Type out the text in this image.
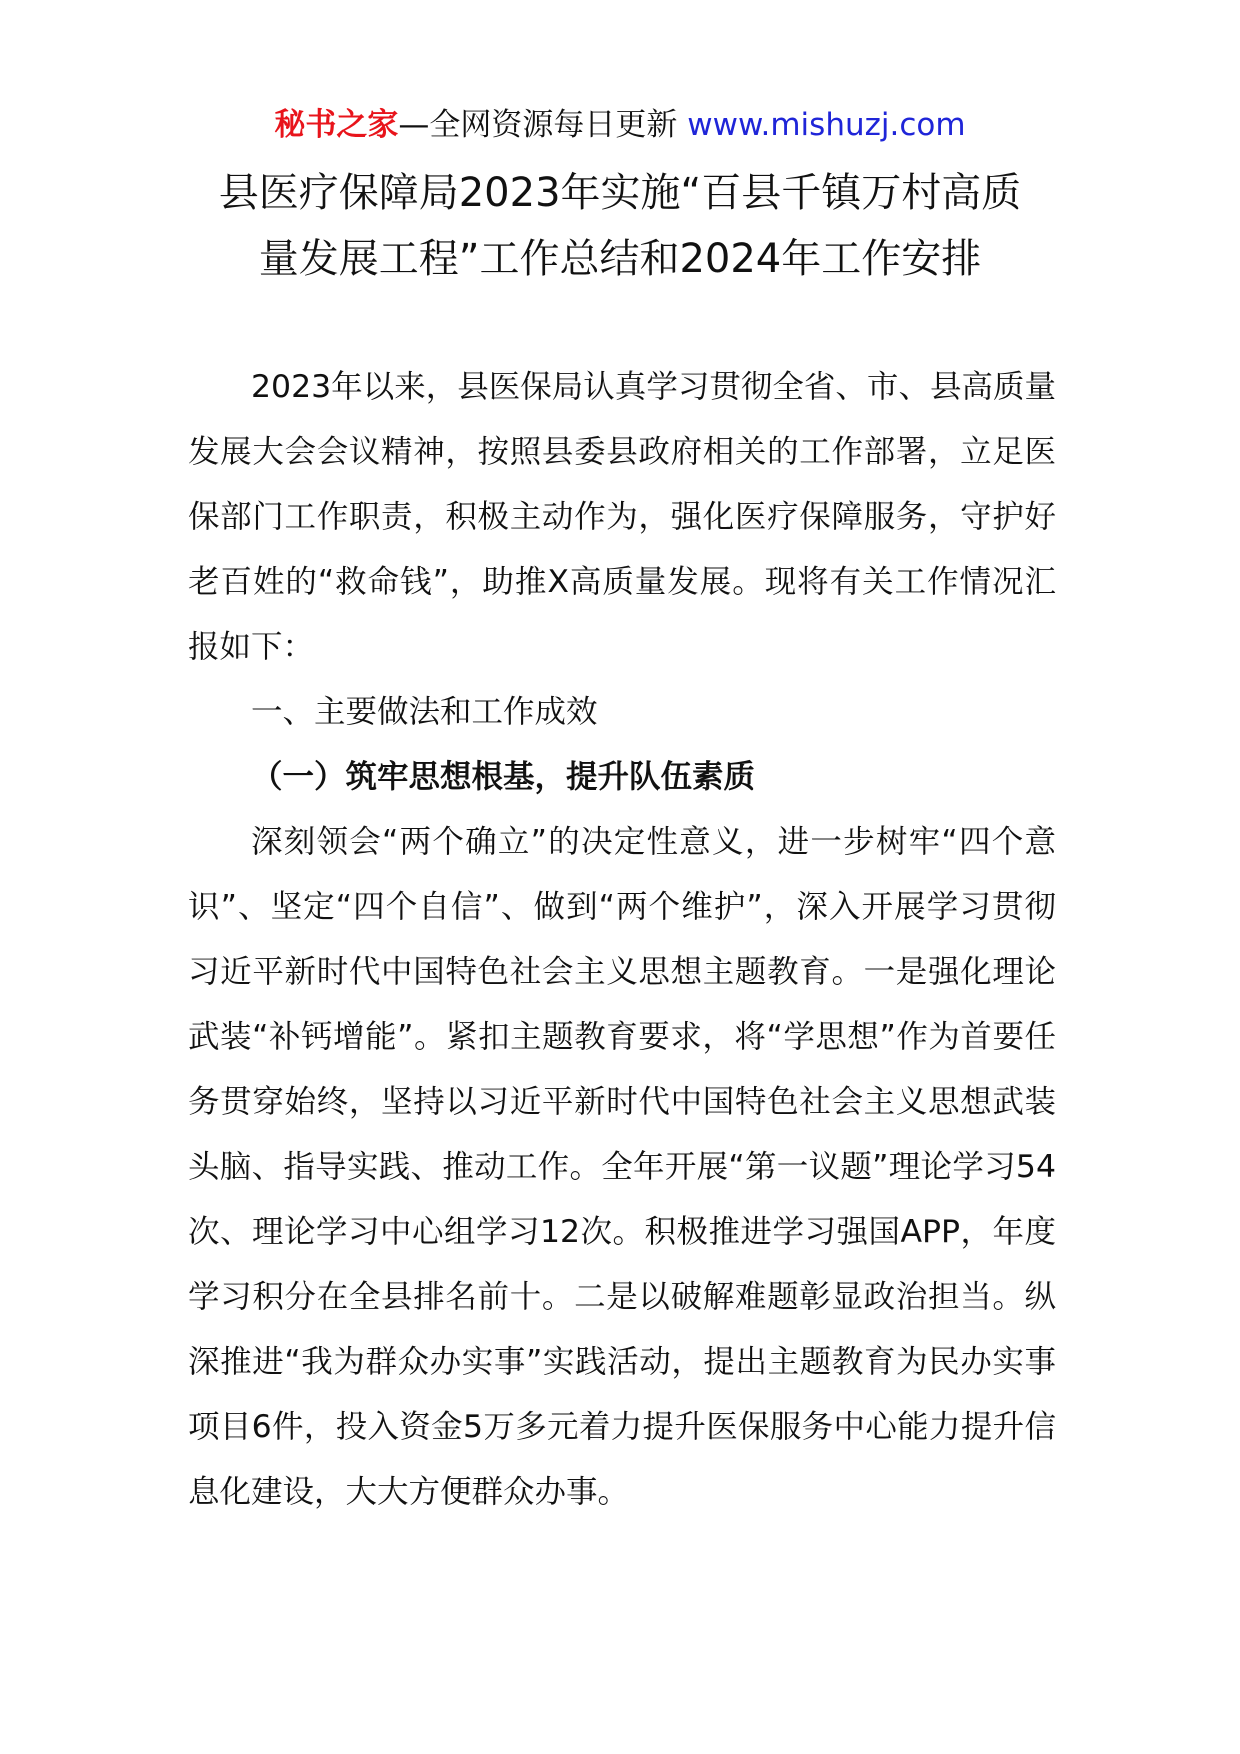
秘书之家—全网资源每日更新 www.mishuzj.com
县医疗保障局2023年实施“百县千镇万村高质
量发展工程”工作总结和2024年工作安排

2023年以来，县医保局认真学习贯彻全省、市、县高质量发展大会会议精神，按照县委县政府相关的工作部署，立足医保部门工作职责，积极主动作为，强化医疗保障服务，守护好老百姓的“救命钱”，助推X高质量发展。现将有关工作情况汇报如下：

一、主要做法和工作成效

（一）筑牢思想根基，提升队伍素质

深刻领会“两个确立”的决定性意义，进一步树牢“四个意识”、坚定“四个自信”、做到“两个维护”，深入开展学习贯彻习近平新时代中国特色社会主义思想主题教育。一是强化理论武装“补钙增能”。紧扣主题教育要求，将“学思想”作为首要任务贯穿始终，坚持以习近平新时代中国特色社会主义思想武装头脑、指导实践、推动工作。全年开展“第一议题”理论学习54次、理论学习中心组学习12次。积极推进学习强国APP，年度学习积分在全县排名前十。二是以破解难题彰显政治担当。纵深推进“我为群众办实事”实践活动，提出主题教育为民办实事项目6件，投入资金5万多元着力提升医保服务中心能力提升信息化建设，大大方便群众办事。
